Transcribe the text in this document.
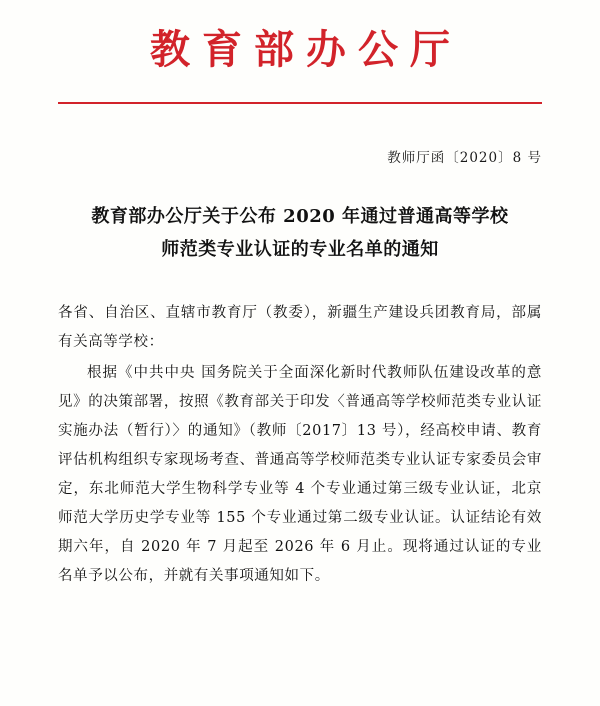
教育部办公厅
教师厅函〔2020〕8 号
教育部办公厅关于公布 2020 年通过普通高等学校
师范类专业认证的专业名单的通知

各省、自治区、直辖市教育厅（教委），新疆生产建设兵团教育局，部属有关高等学校：

根据《中共中央 国务院关于全面深化新时代教师队伍建设改革的意见》的决策部署，按照《教育部关于印发〈普通高等学校师范类专业认证实施办法（暂行）〉的通知》（教师〔2017〕13 号），经高校申请、教育评估机构组织专家现场考查、普通高等学校师范类专业认证专家委员会审定，东北师范大学生物科学专业等 4 个专业通过第三级专业认证，北京师范大学历史学专业等 155 个专业通过第二级专业认证。认证结论有效期六年，自 2020 年 7 月起至 2026 年 6 月止。现将通过认证的专业名单予以公布，并就有关事项通知如下。
